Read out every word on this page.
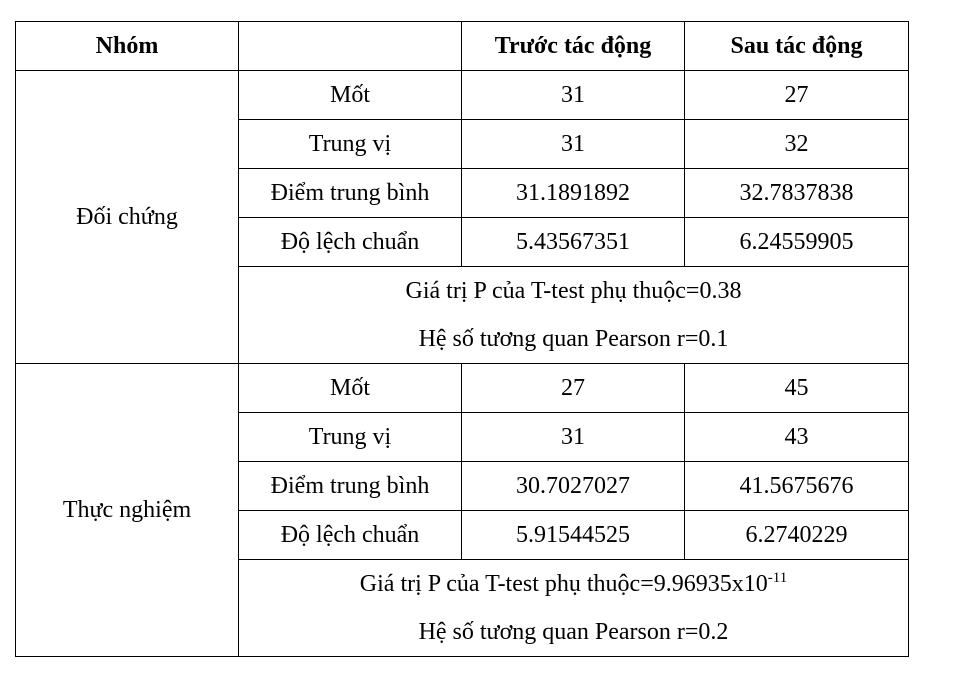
Nhóm		Trước tác động	Sau tác động
Đối chứng	Mốt	31	27
	Trung vị	31	32
	Điểm trung bình	31.1891892	32.7837838
	Độ lệch chuẩn	5.43567351	6.24559905

	Giá trị P của T-test phụ thuộc=0.38
Hệ số tương quan Pearson r=0.1		

Thực nghiệm	Mốt	27	45
	Trung vị	31	43
	Điểm trung bình	30.7027027	41.5675676
	Độ lệch chuẩn	5.91544525	6.2740229

	Giá trị P của T-test phụ $thuộc=9.96935x10^{-11}$
Hệ số tương quan Pearson r=0.2		
